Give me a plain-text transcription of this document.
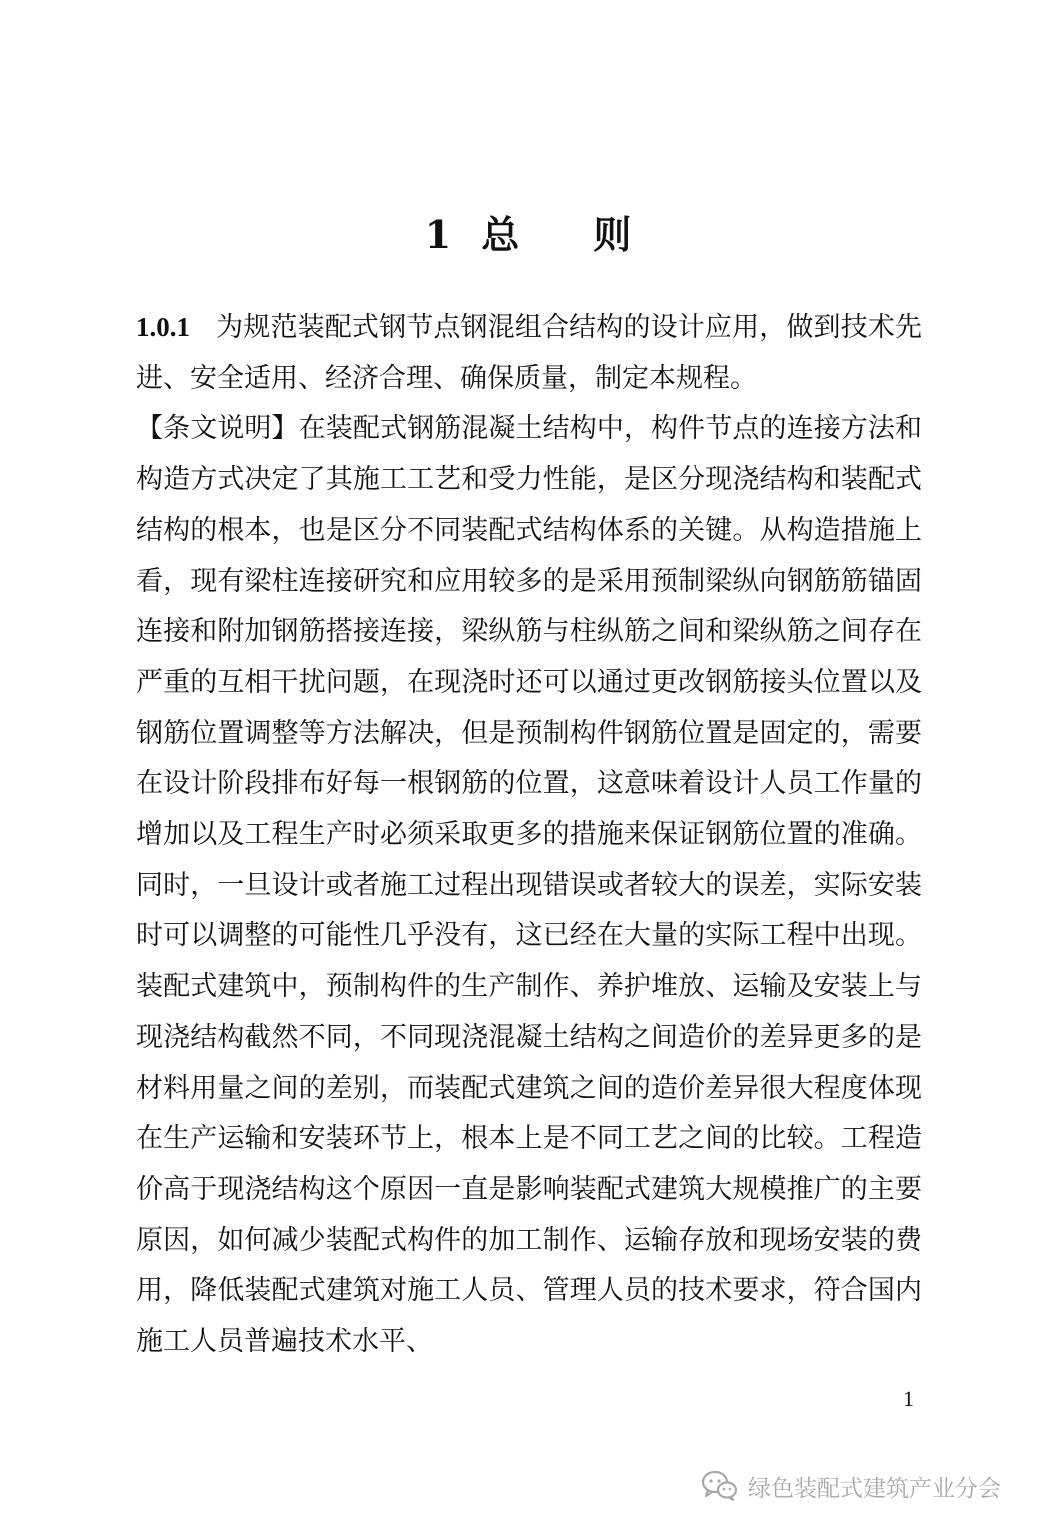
1 总 则

1.0.1 为规范装配式钢节点钢混组合结构的设计应用，做到技术先进、安全适用、经济合理、确保质量，制定本规程。

【条文说明】在装配式钢筋混凝土结构中，构件节点的连接方法和构造方式决定了其施工工艺和受力性能，是区分现浇结构和装配式结构的根本，也是区分不同装配式结构体系的关键。从构造措施上看，现有梁柱连接研究和应用较多的是采用预制梁纵向钢筋筋锚固连接和附加钢筋搭接连接，梁纵筋与柱纵筋之间和梁纵筋之间存在严重的互相干扰问题，在现浇时还可以通过更改钢筋接头位置以及钢筋位置调整等方法解决，但是预制构件钢筋位置是固定的，需要在设计阶段排布好每一根钢筋的位置，这意味着设计人员工作量的增加以及工程生产时必须采取更多的措施来保证钢筋位置的准确。同时，一旦设计或者施工过程出现错误或者较大的误差，实际安装时可以调整的可能性几乎没有，这已经在大量的实际工程中出现。装配式建筑中，预制构件的生产制作、养护堆放、运输及安装上与现浇结构截然不同，不同现浇混凝土结构之间造价的差异更多的是材料用量之间的差别，而装配式建筑之间的造价差异很大程度体现在生产运输和安装环节上，根本上是不同工艺之间的比较。工程造价高于现浇结构这个原因一直是影响装配式建筑大规模推广的主要原因，如何减少装配式构件的加工制作、运输存放和现场安装的费用，降低装配式建筑对施工人员、管理人员的技术要求，符合国内施工人员普遍技术水平、

1
绿色装配式建筑产业分会
